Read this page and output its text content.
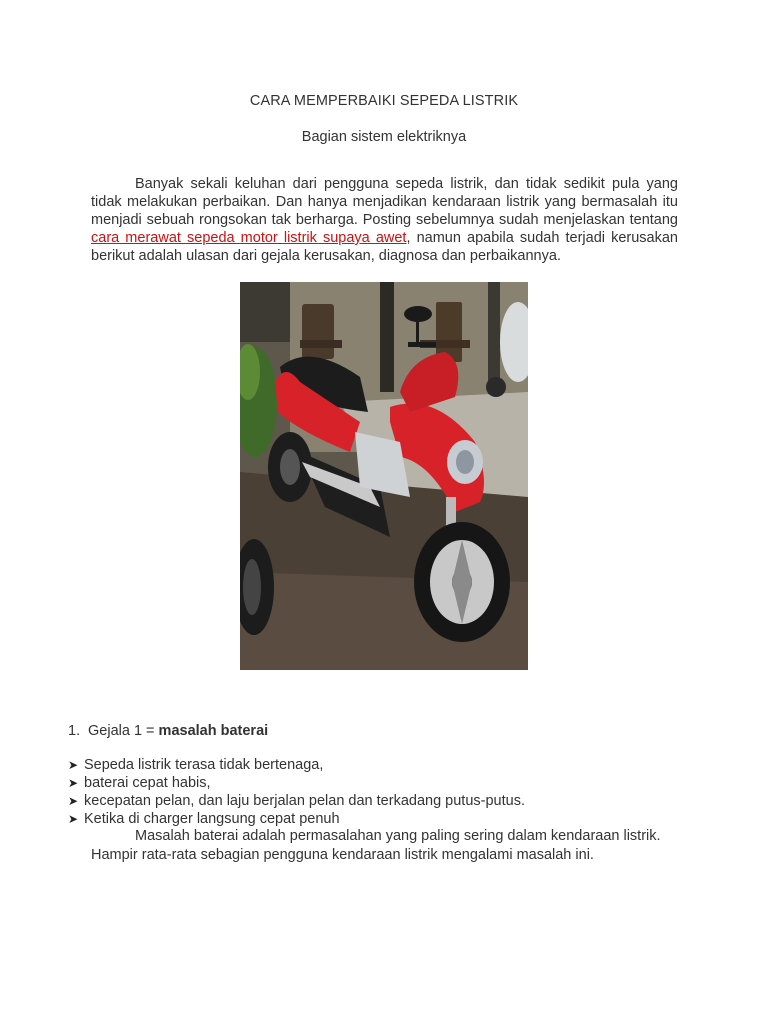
CARA MEMPERBAIKI SEPEDA LISTRIK
Bagian sistem elektriknya

Banyak sekali keluhan dari pengguna sepeda listrik, dan tidak sedikit pula yang tidak melakukan perbaikan. Dan hanya menjadikan kendaraan listrik yang bermasalah itu menjadi sebuah rongsokan tak berharga. Posting sebelumnya sudah menjelaskan tentang cara merawat sepeda motor listrik supaya awet, namun apabila sudah terjadi kerusakan berikut adalah ulasan dari gejala kerusakan, diagnosa dan perbaikannya.

1. Gejala 1 = masalah baterai
➤ Sepeda listrik terasa tidak bertenaga,
➤ baterai cepat habis,
➤ kecepatan pelan, dan laju berjalan pelan dan terkadang putus-putus.
➤ Ketika di charger langsung cepat penuh

Masalah baterai adalah permasalahan yang paling sering dalam kendaraan listrik. Hampir rata-rata sebagian pengguna kendaraan listrik mengalami masalah ini.
